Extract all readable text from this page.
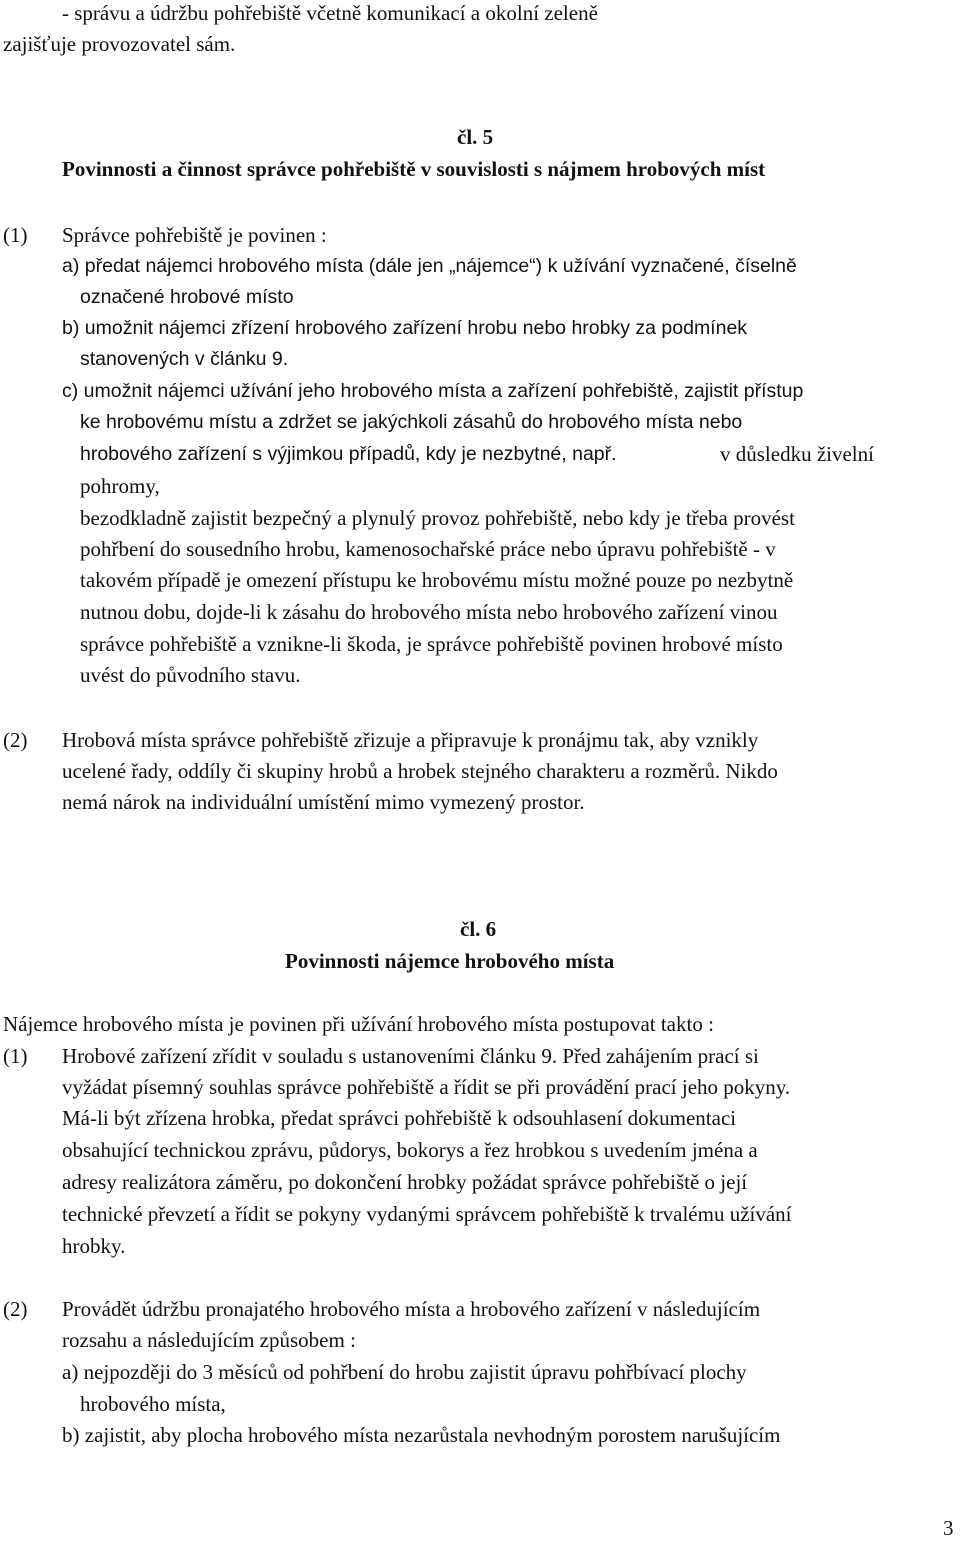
- správu a údržbu pohřebiště včetně komunikací a okolní zeleně

zajišťuje provozovatel sám.

čl. 5

Povinnosti a činnost správce pohřebiště v souvislosti s nájmem hrobových míst

(1) Správce pohřebiště je povinen :

a) předat nájemci hrobového místa (dále jen „nájemce“) k užívání vyznačené, číselně

označené hrobové místo

b) umožnit nájemci zřízení hrobového zařízení hrobu nebo hrobky za podmínek

stanovených v článku 9.

c) umožnit nájemci užívání jeho hrobového místa a zařízení pohřebiště, zajistit přístup

ke hrobovému místu a zdržet se jakýchkoli zásahů do hrobového místa nebo

hrobového zařízení s výjimkou případů, kdy je nezbytné, např.	v důsledku živelní

pohromy,

bezodkladně zajistit bezpečný a plynulý provoz pohřebiště, nebo kdy je třeba provést

pohřbení do sousedního hrobu, kamenosochařské práce nebo úpravu pohřebiště - v

takovém případě je omezení přístupu ke hrobovému místu možné pouze po nezbytně

nutnou dobu, dojde-li k zásahu do hrobového místa nebo hrobového zařízení vinou

správce pohřebiště a vznikne-li škoda, je správce pohřebiště povinen hrobové místo

uvést do původního stavu.

(2) Hrobová místa správce pohřebiště zřizuje a připravuje k pronájmu tak, aby vznikly

ucelené řady, oddíly či skupiny hrobů a hrobek stejného charakteru a rozměrů. Nikdo

nemá nárok na individuální umístění mimo vymezený prostor.

čl. 6

Povinnosti nájemce hrobového místa

Nájemce hrobového místa je povinen při užívání hrobového místa postupovat takto :

(1) Hrobové zařízení zřídit v souladu s ustanoveními článku 9. Před zahájením prací si

vyžádat písemný souhlas správce pohřebiště a řídit se při provádění prací jeho pokyny.

Má-li být zřízena hrobka, předat správci pohřebiště k odsouhlasení dokumentaci

obsahující technickou zprávu, půdorys, bokorys a řez hrobkou s uvedením jména a

adresy realizátora záměru, po dokončení hrobky požádat správce pohřebiště o její

technické převzetí a řídit se pokyny vydanými správcem pohřebiště k trvalému užívání

hrobky.

(2) Provádět údržbu pronajatého hrobového místa a hrobového zařízení v následujícím

rozsahu a následujícím způsobem :

a) nejpozději do 3 měsíců od pohřbení do hrobu zajistit úpravu pohřbívací plochy

hrobového místa,

b) zajistit, aby plocha hrobového místa nezarůstala nevhodným porostem narušujícím

3
